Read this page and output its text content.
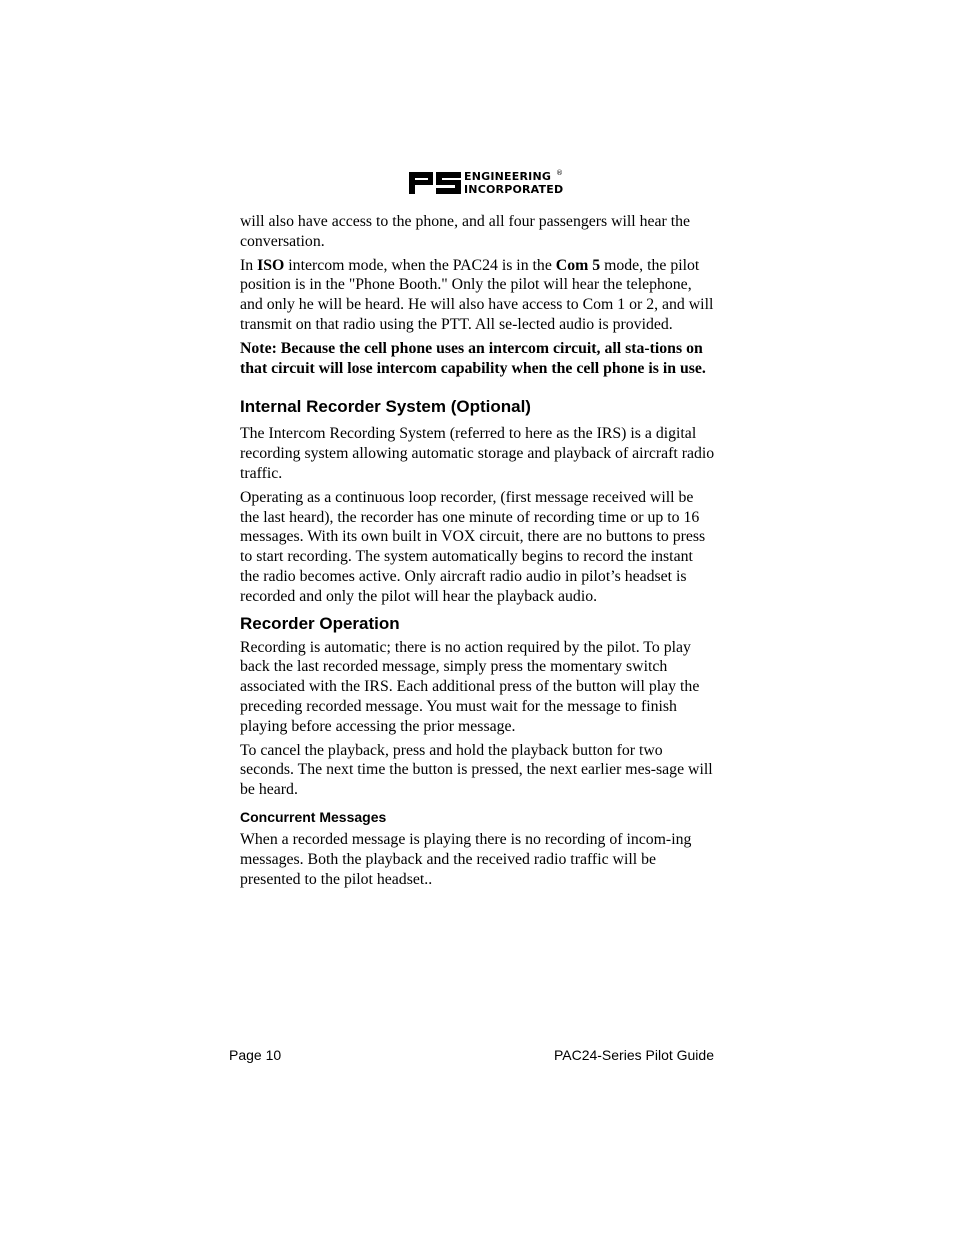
ENGINEERING
INCORPORATED
®

will also have access to the phone, and all four passengers will hear the conversation.

In ISO intercom mode, when the PAC24 is in the Com 5 mode, the pilot position is in the "Phone Booth." Only the pilot will hear the telephone, and only he will be heard. He will also have access to Com 1 or 2, and will transmit on that radio using the PTT. All se-lected audio is provided.

Note: Because the cell phone uses an intercom circuit, all sta-tions on that circuit will lose intercom capability when the cell phone is in use.

Internal Recorder System (Optional)

The Intercom Recording System (referred to here as the IRS) is a digital recording system allowing automatic storage and playback of aircraft radio traffic.

Operating as a continuous loop recorder, (first message received will be the last heard), the recorder has one minute of recording time or up to 16 messages. With its own built in VOX circuit, there are no buttons to press to start recording. The system automatically begins to record the instant the radio becomes active. Only aircraft radio audio in pilot’s headset is recorded and only the pilot will hear the playback audio.

Recorder Operation

Recording is automatic; there is no action required by the pilot. To play back the last recorded message, simply press the momentary switch associated with the IRS. Each additional press of the button will play the preceding recorded message. You must wait for the message to finish playing before accessing the prior message.

To cancel the playback, press and hold the playback button for two seconds. The next time the button is pressed, the next earlier mes-sage will be heard.

Concurrent Messages

When a recorded message is playing there is no recording of incom-ing messages. Both the playback and the received radio traffic will be presented to the pilot headset..

Page 10	PAC24-Series Pilot Guide
